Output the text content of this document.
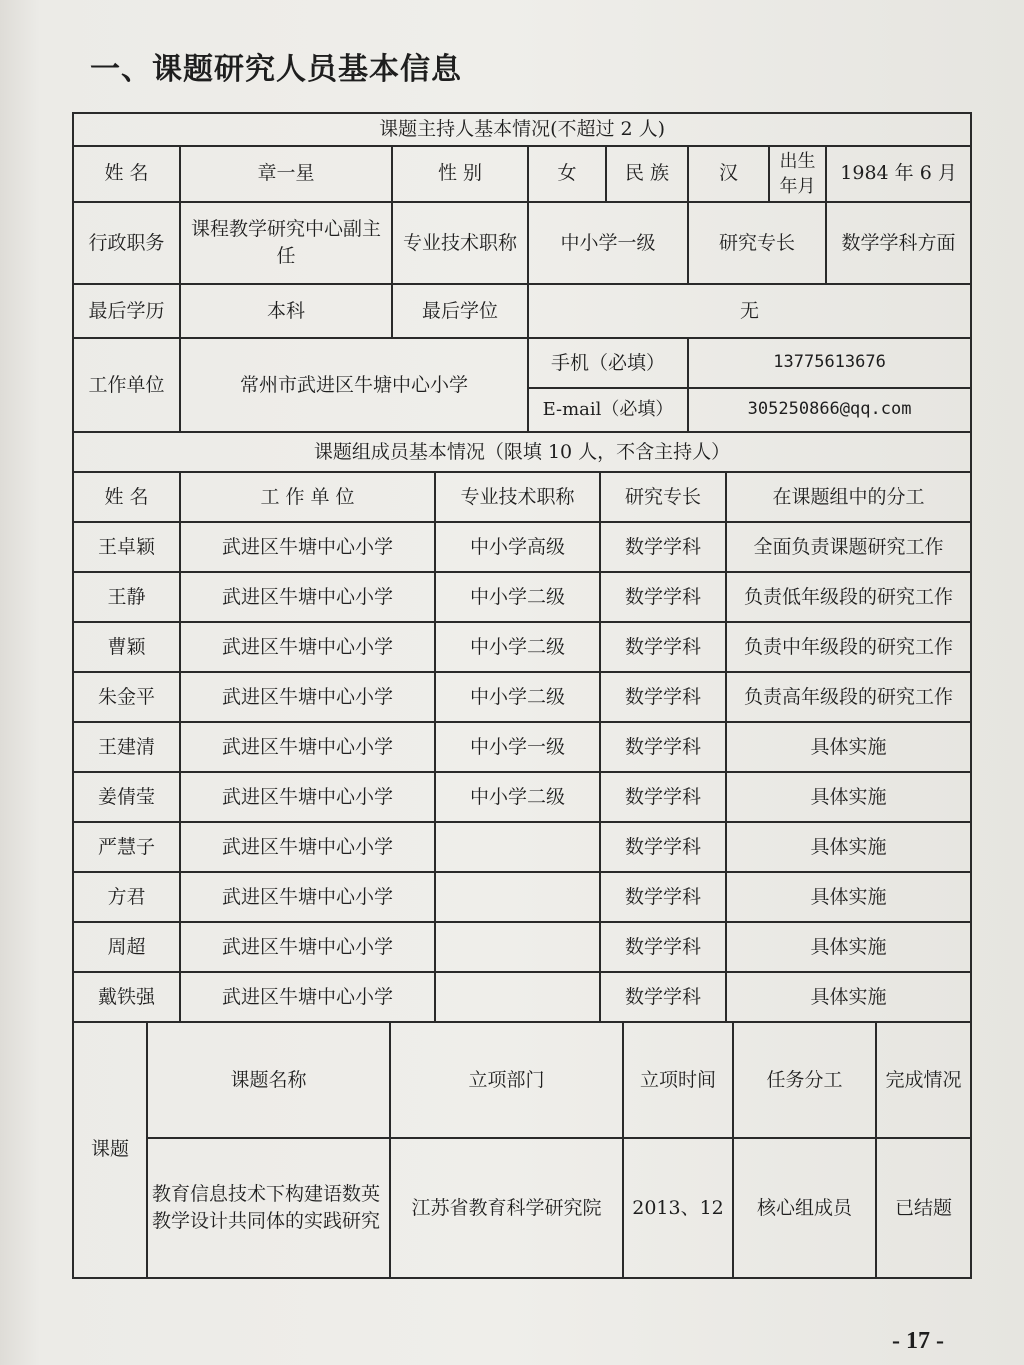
一、课题研究人员基本信息
课题主持人基本情况(不超过 2 人)							
姓 名	章一星	性 别	女	民 族	汉	出生年月	1984 年 6 月
行政职务	课程教学研究中心副主任	专业技术职称	中小学一级		研究专长		数学学科方面
最后学历	本科	最后学位	无				
工作单位	常州市武进区牛塘中心小学		手机（必填）		13775613676		
			E-mail（必填）		305250866@qq.com		
课题组成员基本情况（限填 10 人，不含主持人）							
姓 名	工 作 单 位	专业技术职称	研究专长	在课题组中的分工
王卓颖	武进区牛塘中心小学	中小学高级	数学学科	全面负责课题研究工作
王静	武进区牛塘中心小学	中小学二级	数学学科	负责低年级段的研究工作
曹颖	武进区牛塘中心小学	中小学二级	数学学科	负责中年级段的研究工作
朱金平	武进区牛塘中心小学	中小学二级	数学学科	负责高年级段的研究工作
王建清	武进区牛塘中心小学	中小学一级	数学学科	具体实施
姜倩莹	武进区牛塘中心小学	中小学二级	数学学科	具体实施
严慧子	武进区牛塘中心小学		数学学科	具体实施
方君	武进区牛塘中心小学		数学学科	具体实施
周超	武进区牛塘中心小学		数学学科	具体实施
戴铁强	武进区牛塘中心小学		数学学科	具体实施
课题	课题名称	立项部门	立项时间	任务分工	完成情况
	教育信息技术下构建语数英教学设计共同体的实践研究	江苏省教育科学研究院	2013、12	核心组成员	已结题
- 17 -
